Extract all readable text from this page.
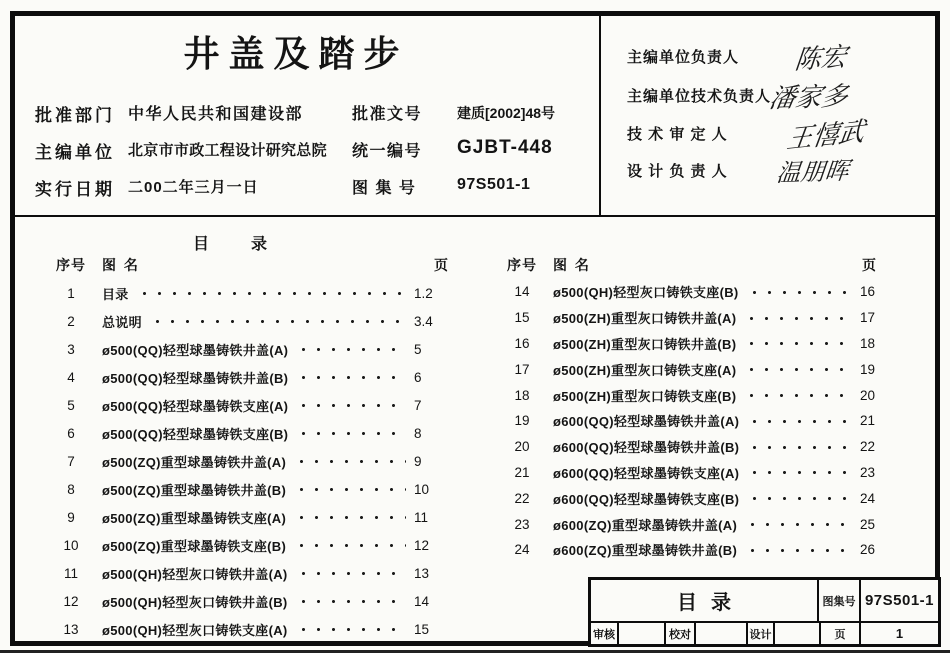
井盖及踏步
批准部门 中华人民共和国建设部	批准文号 建质[2002]48号
主编单位 北京市市政工程设计研究总院 统一编号 GJBT-448
实行日期 二00二年三月一日	图 集 号	97S501-1
主编单位负责人 陈宏
主编单位技术负责人
潘家多
技 术 审 定 人 王憘武
设 计 负 责 人 温朋晖
目录
序号 图 名	页
1	目录	1.2
2	总说明	3.4
3	ø500(QQ)轻型球墨铸铁井盖(A)	5
4	ø500(QQ)轻型球墨铸铁井盖(B)	6
5	ø500(QQ)轻型球墨铸铁支座(A)	7
6	ø500(QQ)轻型球墨铸铁支座(B)	8
7	ø500(ZQ)重型球墨铸铁井盖(A)	9
8	ø500(ZQ)重型球墨铸铁井盖(B)	10
9	ø500(ZQ)重型球墨铸铁支座(A)	11
10	ø500(ZQ)重型球墨铸铁支座(B)	12
11	ø500(QH)轻型灰口铸铁井盖(A)	13
12	ø500(QH)轻型灰口铸铁井盖(B)	14
13	ø500(QH)轻型灰口铸铁支座(A)	15
序号 图 名	页
14	ø500(QH)轻型灰口铸铁支座(B)	16
15	ø500(ZH)重型灰口铸铁井盖(A)	17
16	ø500(ZH)重型灰口铸铁井盖(B)	18
17	ø500(ZH)重型灰口铸铁支座(A)	19
18	ø500(ZH)重型灰口铸铁支座(B)	20
19	ø600(QQ)轻型球墨铸铁井盖(A)	21
20	ø600(QQ)轻型球墨铸铁井盖(B)	22
21	ø600(QQ)轻型球墨铸铁支座(A)	23
22	ø600(QQ)轻型球墨铸铁支座(B)	24
23	ø600(ZQ)重型球墨铸铁井盖(A)	25
24	ø600(ZQ)重型球墨铸铁井盖(B)	26
目录	图集号 97S501-1
审核	校对	设计	页	1
